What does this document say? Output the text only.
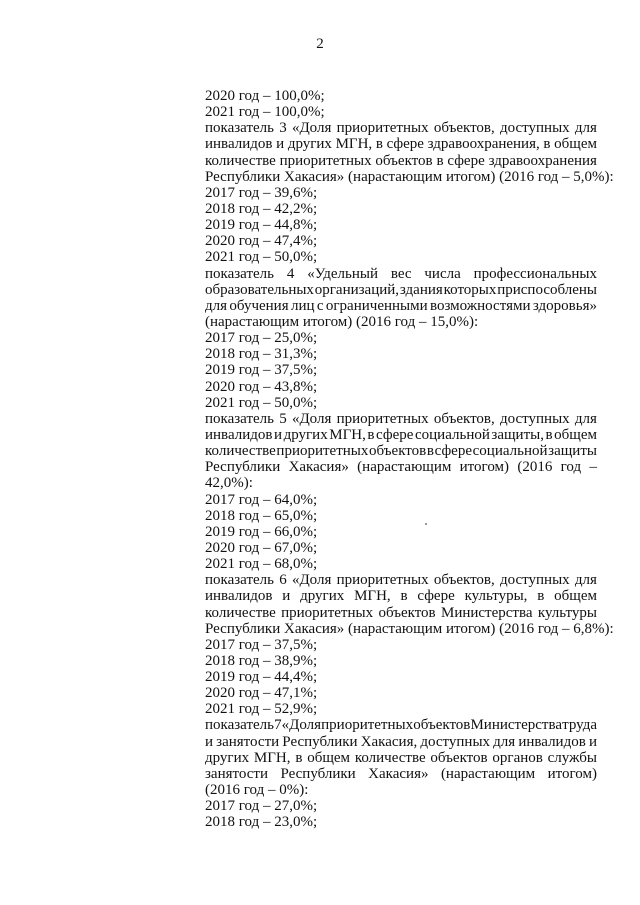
2
2020 год – 100,0%;
2021 год – 100,0%;
показатель 3 «Доля приоритетных объектов, доступных для
инвалидов и других МГН, в сфере здравоохранения, в общем
количестве приоритетных объектов в сфере здравоохранения
Республики Хакасия» (нарастающим итогом) (2016 год – 5,0%):
2017 год – 39,6%;
2018 год – 42,2%;
2019 год – 44,8%;
2020 год – 47,4%;
2021 год – 50,0%;
показатель 4 «Удельный вес числа профессиональных
образовательных организаций, здания которых приспособлены
для обучения лиц с ограниченными возможностями здоровья»
(нарастающим итогом) (2016 год – 15,0%):
2017 год – 25,0%;
2018 год – 31,3%;
2019 год – 37,5%;
2020 год – 43,8%;
2021 год – 50,0%;
показатель 5 «Доля приоритетных объектов, доступных для
инвалидов и других МГН, в сфере социальной защиты, в общем
количестве приоритетных объектов в сфере социальной защиты
Республики Хакасия» (нарастающим итогом) (2016 год –
42,0%):
2017 год – 64,0%;
2018 год – 65,0%;
2019 год – 66,0%;
2020 год – 67,0%;
2021 год – 68,0%;
показатель 6 «Доля приоритетных объектов, доступных для
инвалидов и других МГН, в сфере культуры, в общем
количестве приоритетных объектов Министерства культуры
Республики Хакасия» (нарастающим итогом) (2016 год – 6,8%):
2017 год – 37,5%;
2018 год – 38,9%;
2019 год – 44,4%;
2020 год – 47,1%;
2021 год – 52,9%;
показатель 7 «Доля приоритетных объектов Министерства труда
и занятости Республики Хакасия, доступных для инвалидов и
других МГН, в общем количестве объектов органов службы
занятости Республики Хакасия» (нарастающим итогом)
(2016 год – 0%):
2017 год – 27,0%;
2018 год – 23,0%;
